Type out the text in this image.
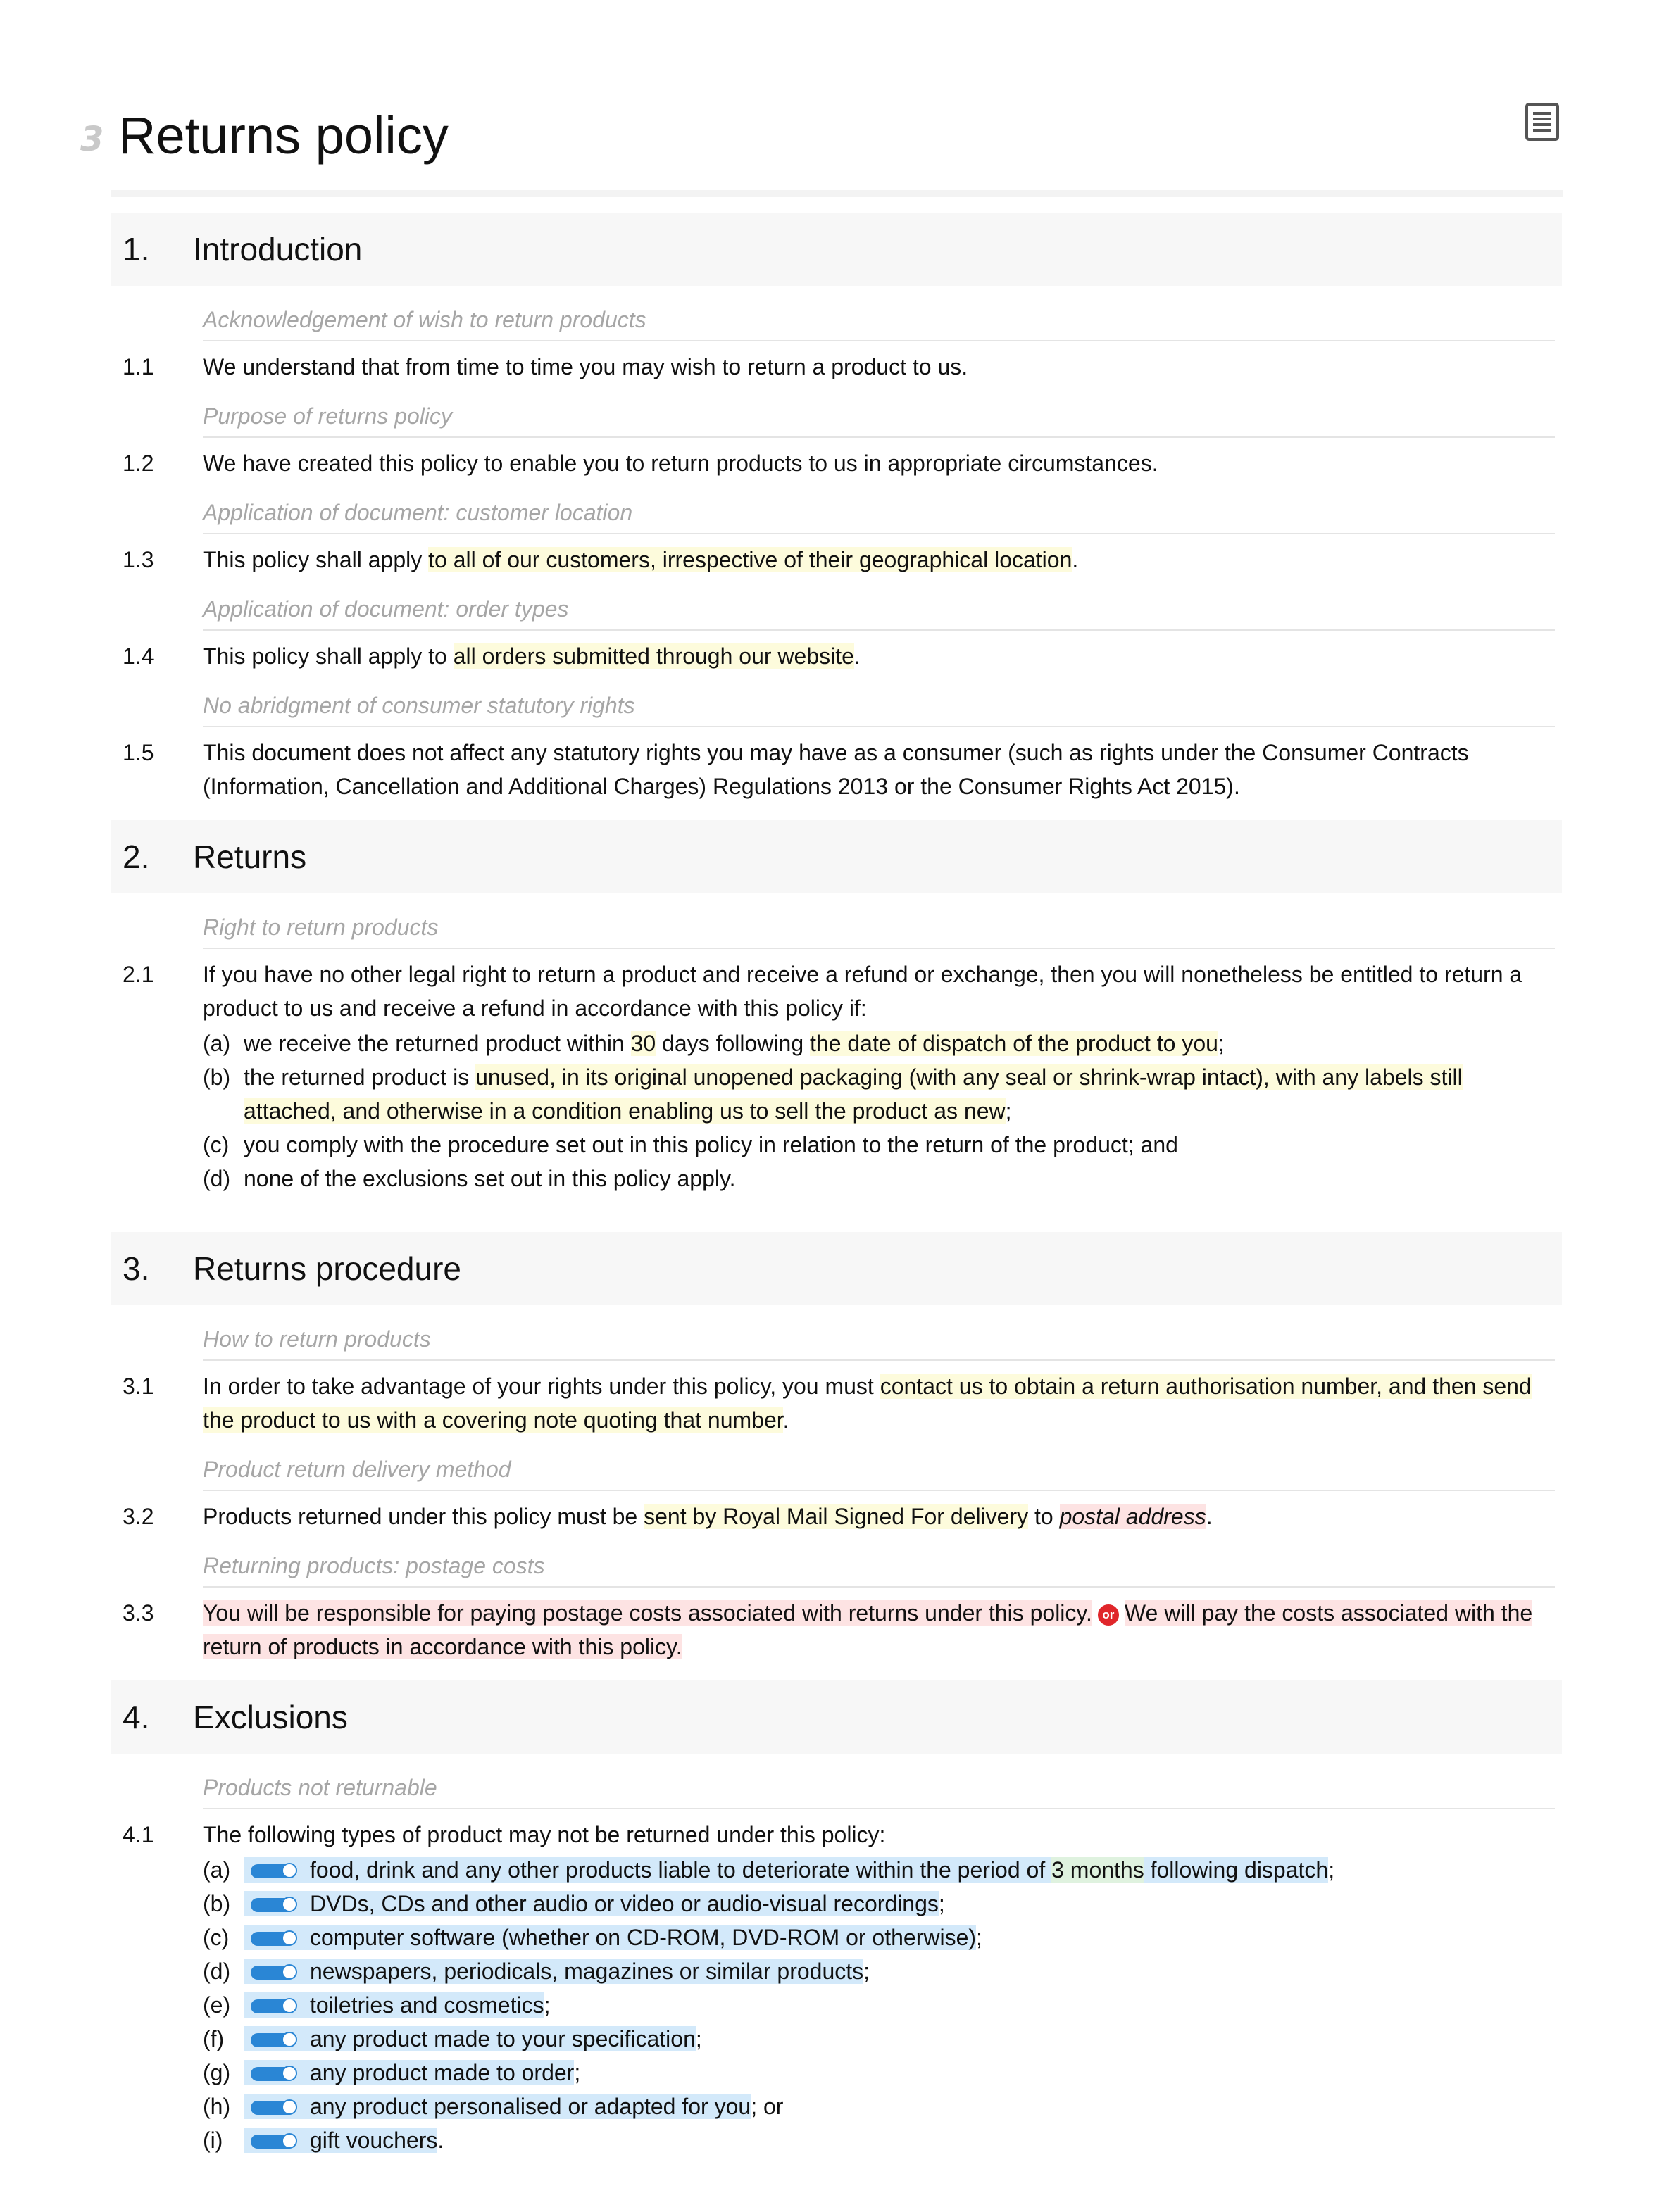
3 Returns policy
1.	Introduction
Acknowledgement of wish to return products
1.1	We understand that from time to time you may wish to return a product to us.
Purpose of returns policy
1.2	We have created this policy to enable you to return products to us in appropriate circumstances.
Application of document: customer location
1.3	This policy shall apply to all of our customers, irrespective of their geographical location.
Application of document: order types
1.4	This policy shall apply to all orders submitted through our website.
No abridgment of consumer statutory rights
1.5	This document does not affect any statutory rights you may have as a consumer (such as rights under the Consumer Contracts (Information, Cancellation and Additional Charges) Regulations 2013 or the Consumer Rights Act 2015).
2.	Returns
Right to return products
2.1	If you have no other legal right to return a product and receive a refund or exchange, then you will nonetheless be entitled to return a product to us and receive a refund in accordance with this policy if:
(a) we receive the returned product within 30 days following the date of dispatch of the product to you;
(b) the returned product is unused, in its original unopened packaging (with any seal or shrink-wrap intact), with any labels still attached, and otherwise in a condition enabling us to sell the product as new;
(c) you comply with the procedure set out in this policy in relation to the return of the product; and
(d) none of the exclusions set out in this policy apply.
3.	Returns procedure
How to return products
3.1	In order to take advantage of your rights under this policy, you must contact us to obtain a return authorisation number, and then send the product to us with a covering note quoting that number.
Product return delivery method
3.2	Products returned under this policy must be sent by Royal Mail Signed For delivery to postal address.
Returning products: postage costs
3.3	You will be responsible for paying postage costs associated with returns under this policy. or We will pay the costs associated with the return of products in accordance with this policy.
4.	Exclusions
Products not returnable
4.1	The following types of product may not be returned under this policy:
(a)	food, drink and any other products liable to deteriorate within the period of 3 months following dispatch;
(b)	DVDs, CDs and other audio or video or audio-visual recordings;
(c)	computer software (whether on CD-ROM, DVD-ROM or otherwise);
(d)	newspapers, periodicals, magazines or similar products;
(e)	toiletries and cosmetics;
(f)	any product made to your specification;
(g)	any product made to order;
(h)	any product personalised or adapted for you; or
(i)	gift vouchers.
